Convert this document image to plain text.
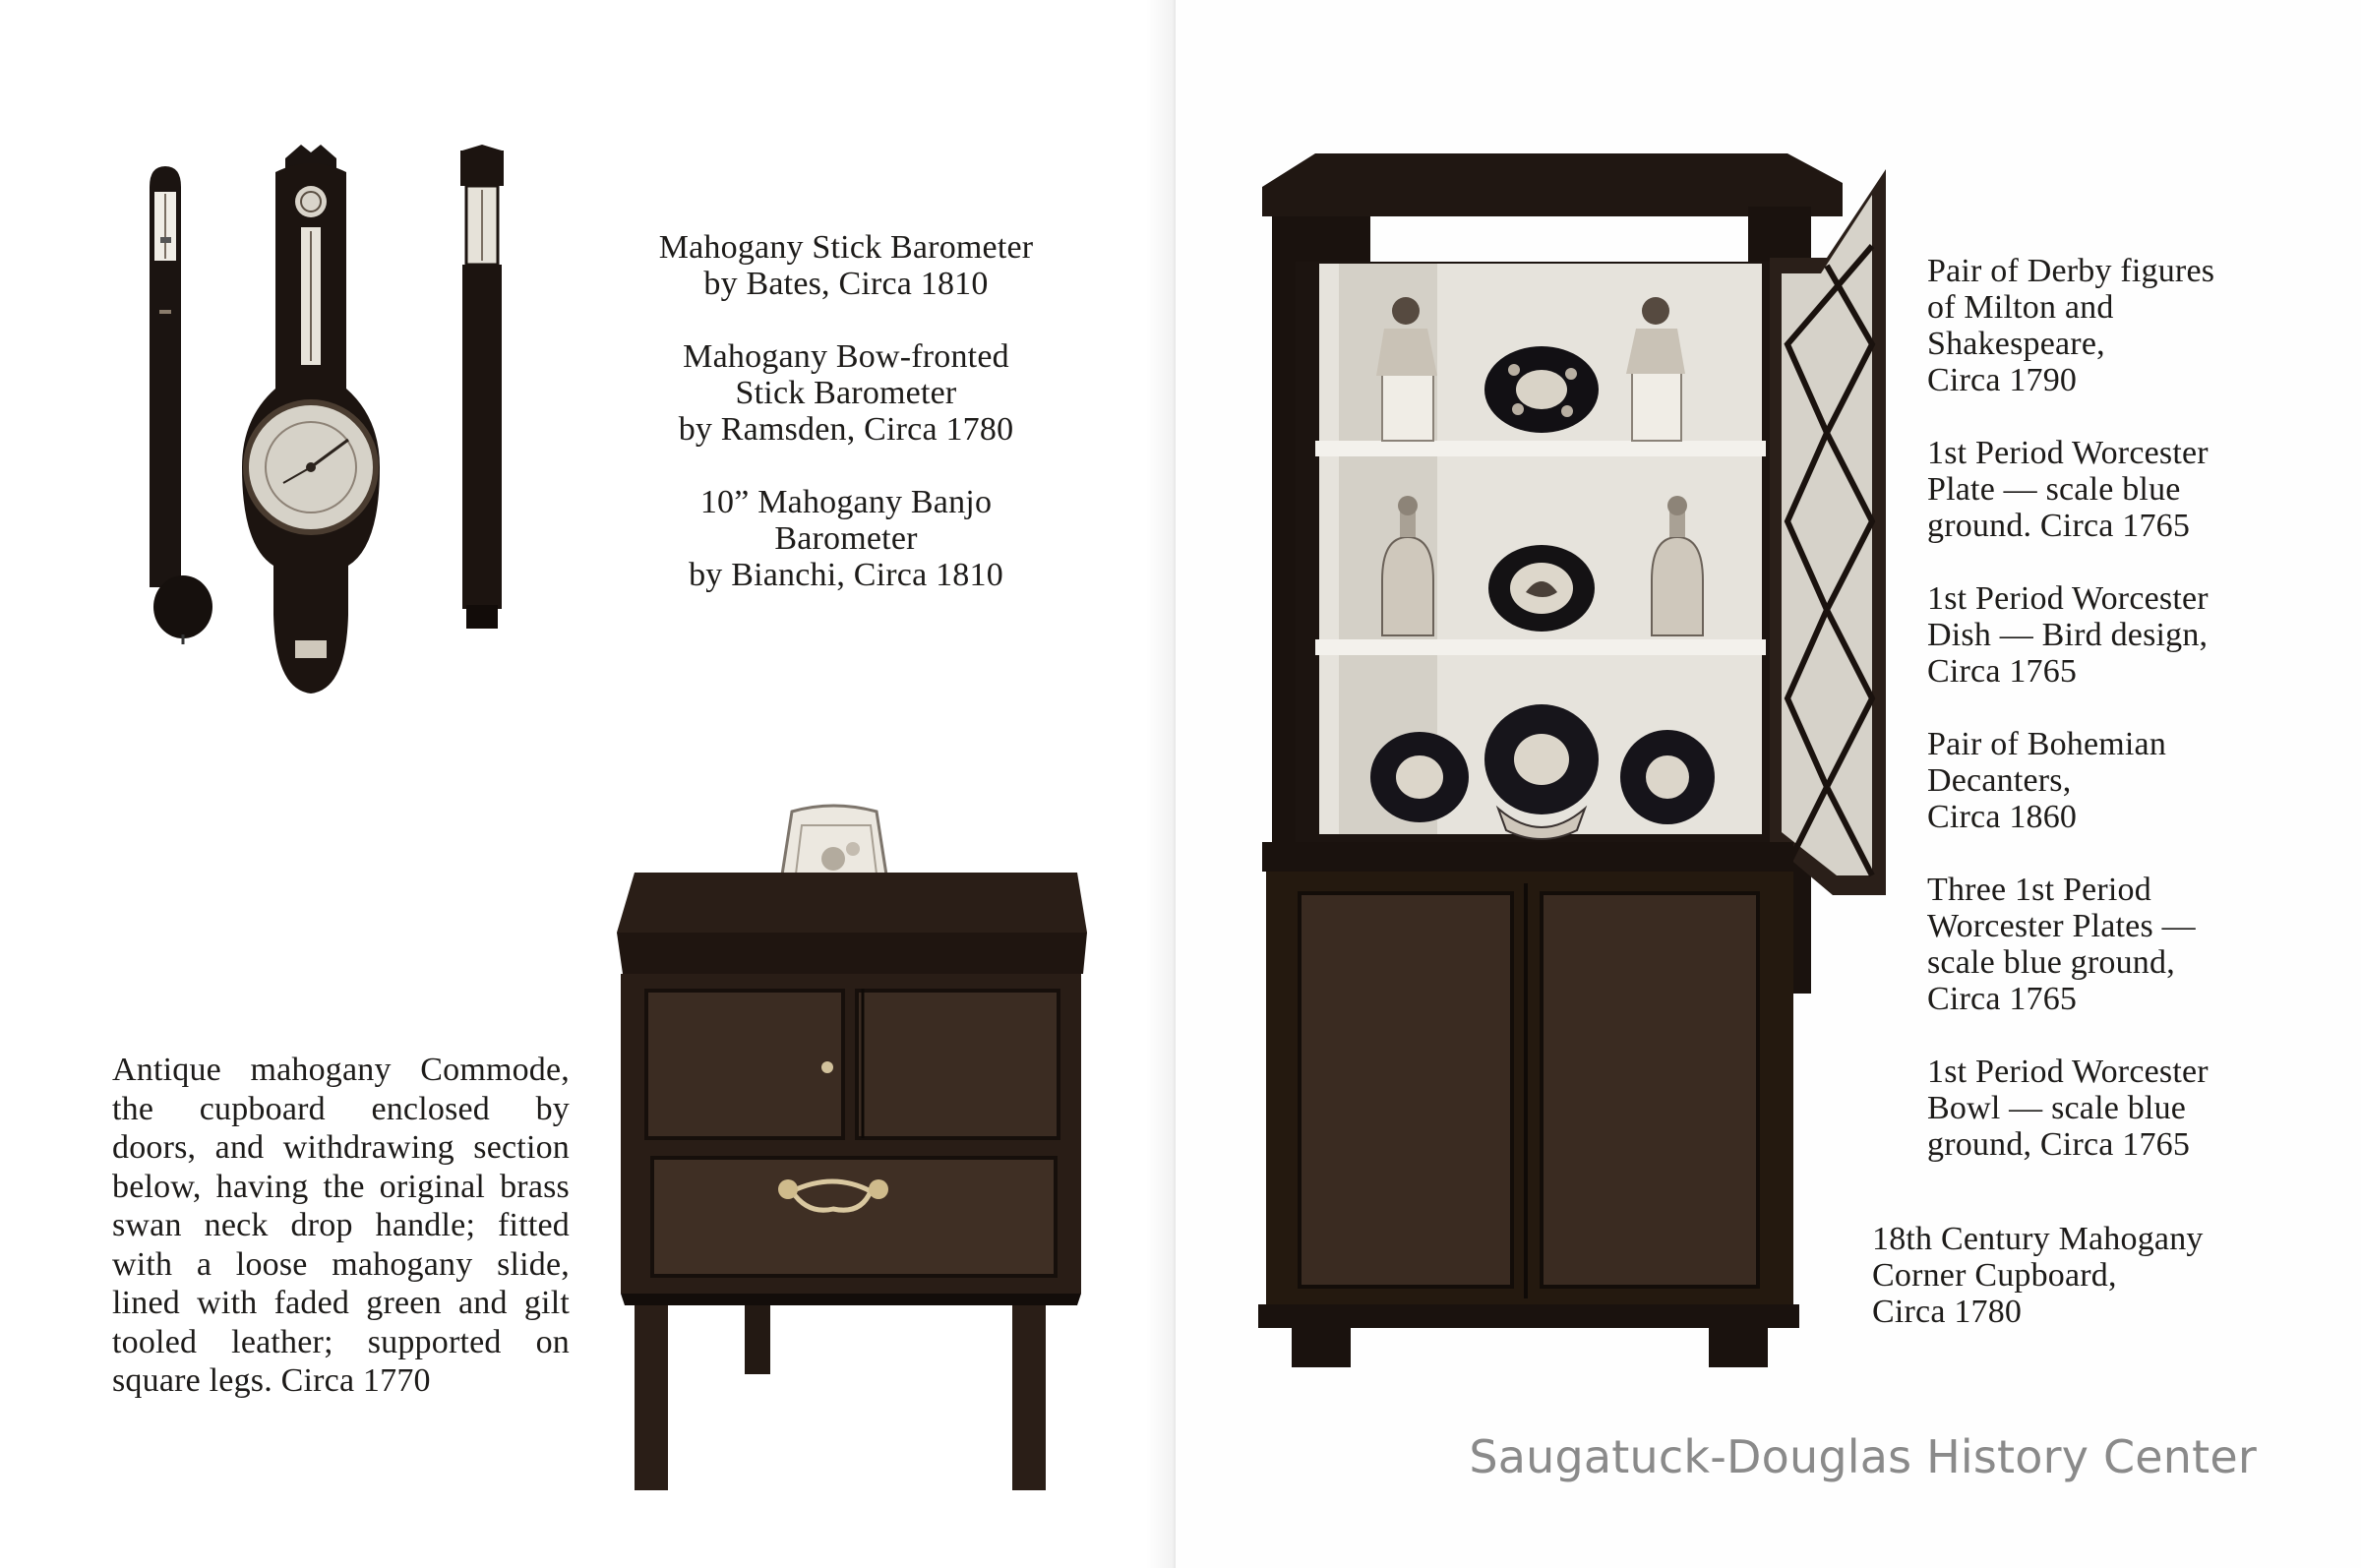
Mahogany Stick Barometer

by Bates, Circa 1810

Mahogany Bow-fronted

Stick Barometer

by Ramsden, Circa 1780

10” Mahogany Banjo

Barometer

by Bianchi, Circa 1810

Antique mahogany Commode,

the cupboard enclosed by

doors, and withdrawing section

below, having the original brass

swan neck drop handle; fitted

with a loose mahogany slide,

lined with faded green and gilt

tooled leather; supported on

square legs. Circa 1770

Pair of Derby figures

of Milton and

Shakespeare,

Circa 1790

1st Period Worcester

Plate — scale blue

ground. Circa 1765

1st Period Worcester

Dish — Bird design,

Circa 1765

Pair of Bohemian

Decanters,

Circa 1860

Three 1st Period

Worcester Plates —

scale blue ground,

Circa 1765

1st Period Worcester

Bowl — scale blue

ground, Circa 1765

18th Century Mahogany

Corner Cupboard,

Circa 1780

Saugatuck-Douglas History Center
